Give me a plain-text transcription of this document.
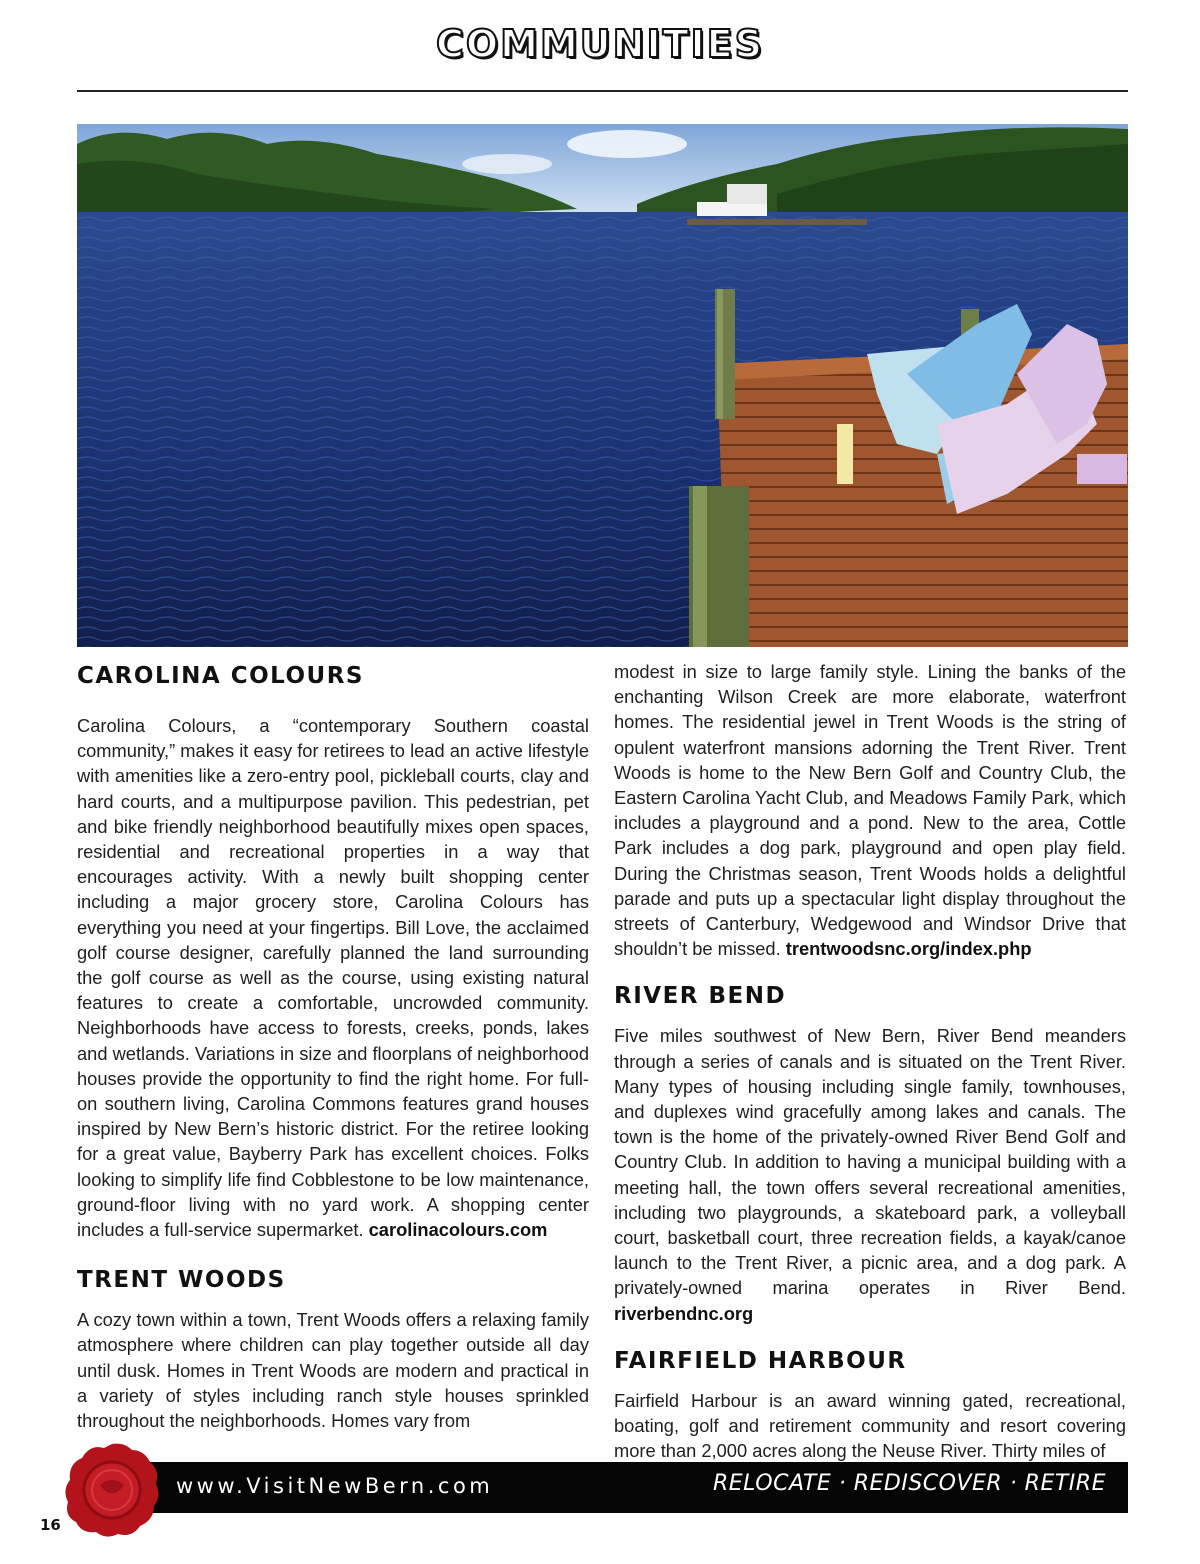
COMMUNITIES
CAROLINA COLOURS

Carolina Colours, a “contemporary Southern coastal community,” makes it easy for retirees to lead an active lifestyle with amenities like a zero-entry pool, pickleball courts, clay and hard courts, and a multipurpose pavilion. This pedestrian, pet and bike friendly neighborhood beautifully mixes open spaces, residential and recreational properties in a way that encourages activity. With a newly built shopping center including a major grocery store, Carolina Colours has everything you need at your fingertips. Bill Love, the acclaimed golf course designer, carefully planned the land surrounding the golf course as well as the course, using existing natural features to create a comfortable, uncrowded community. Neighborhoods have access to forests, creeks, ponds, lakes and wetlands. Variations in size and floorplans of neighborhood houses provide the opportunity to find the right home. For full-on southern living, Carolina Commons features grand houses inspired by New Bern’s historic district. For the retiree looking for a great value, Bayberry Park has excellent choices. Folks looking to simplify life find Cobblestone to be low maintenance, ground-floor living with no yard work. A shopping center includes a full-service supermarket. carolinacolours.com

TRENT WOODS

A cozy town within a town, Trent Woods offers a relaxing family atmosphere where children can play together outside all day until dusk. Homes in Trent Woods are modern and practical in a variety of styles including ranch style houses sprinkled throughout the neighborhoods. Homes vary from

modest in size to large family style. Lining the banks of the enchanting Wilson Creek are more elaborate, waterfront homes. The residential jewel in Trent Woods is the string of opulent waterfront mansions adorning the Trent River. Trent Woods is home to the New Bern Golf and Country Club, the Eastern Carolina Yacht Club, and Meadows Family Park, which includes a playground and a pond. New to the area, Cottle Park includes a dog park, playground and open play field. During the Christmas season, Trent Woods holds a delightful parade and puts up a spectacular light display throughout the streets of Canterbury, Wedgewood and Windsor Drive that shouldn’t be missed. trentwoodsnc.org/index.php

RIVER BEND

Five miles southwest of New Bern, River Bend meanders through a series of canals and is situated on the Trent River. Many types of housing including single family, townhouses, and duplexes wind gracefully among lakes and canals. The town is the home of the privately-owned River Bend Golf and Country Club. In addition to having a municipal building with a meeting hall, the town offers several recreational amenities, including two playgrounds, a skateboard park, a volleyball court, basketball court, three recreation fields, a kayak/canoe launch to the Trent River, a picnic area, and a dog park. A privately-owned marina operates in River Bend. riverbendnc.org

FAIRFIELD HARBOUR

Fairfield Harbour is an award winning gated, recreational, boating, golf and retirement community and resort covering more than 2,000 acres along the Neuse River. Thirty miles of

www.VisitNewBern.com	RELOCATE · REDISCOVER · RETIRE
16
